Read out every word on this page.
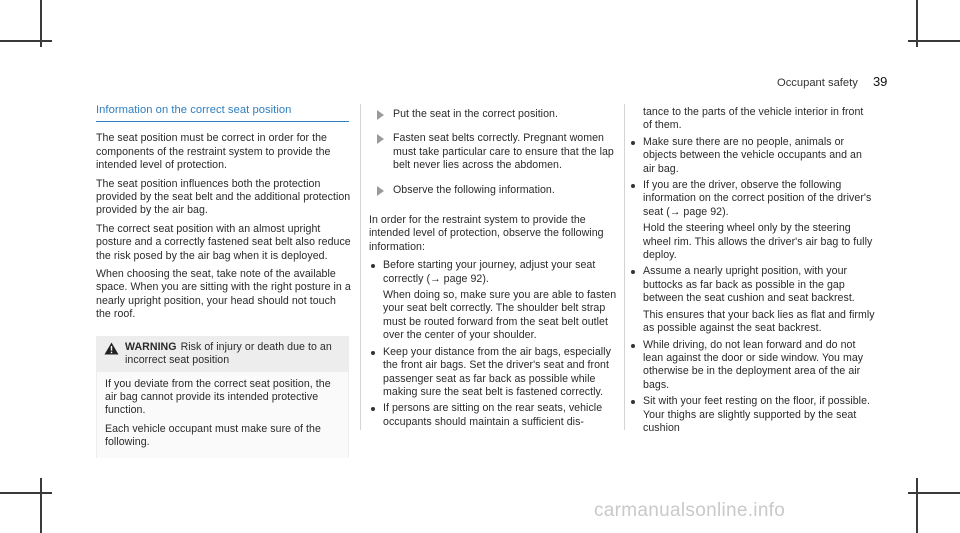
Occupant safety 39
Information on the correct seat position

The seat position must be correct in order for the components of the restraint system to provide the intended level of protection.

The seat position influences both the protection provided by the seat belt and the additional protection provided by the air bag.

The correct seat position with an almost upright posture and a correctly fastened seat belt also reduce the risk posed by the air bag when it is deployed.

When choosing the seat, take note of the available space. When you are sitting with the right posture in a nearly upright position, your head should not touch the roof.

WARNING Risk of injury or death due to an incorrect seat position

If you deviate from the correct seat position, the air bag cannot provide its intended protective function.

Each vehicle occupant must make sure of the following.

Put the seat in the correct position.
Fasten seat belts correctly. Pregnant women must take particular care to ensure that the lap belt never lies across the abdomen.
Observe the following information.

In order for the restraint system to provide the intended level of protection, observe the following information:

Before starting your journey, adjust your seat correctly (→ page 92).

When doing so, make sure you are able to fasten your seat belt correctly. The shoulder belt strap must be routed forward from the seat belt outlet over the center of your shoulder.

Keep your distance from the air bags, especially the front air bags. Set the driver's seat and front passenger seat as far back as possible while making sure the seat belt is fastened correctly.

If persons are sitting on the rear seats, vehicle occupants should maintain a sufficient dis-

tance to the parts of the vehicle interior in front of them.

Make sure there are no people, animals or objects between the vehicle occupants and an air bag.

If you are the driver, observe the following information on the correct position of the driver's seat (→ page 92).

Hold the steering wheel only by the steering wheel rim. This allows the driver's air bag to fully deploy.

Assume a nearly upright position, with your buttocks as far back as possible in the gap between the seat cushion and seat backrest.

This ensures that your back lies as flat and firmly as possible against the seat backrest.

While driving, do not lean forward and do not lean against the door or side window. You may otherwise be in the deployment area of the air bags.

Sit with your feet resting on the floor, if possible. Your thighs are slightly supported by the seat cushion

carmanualsonline.info
